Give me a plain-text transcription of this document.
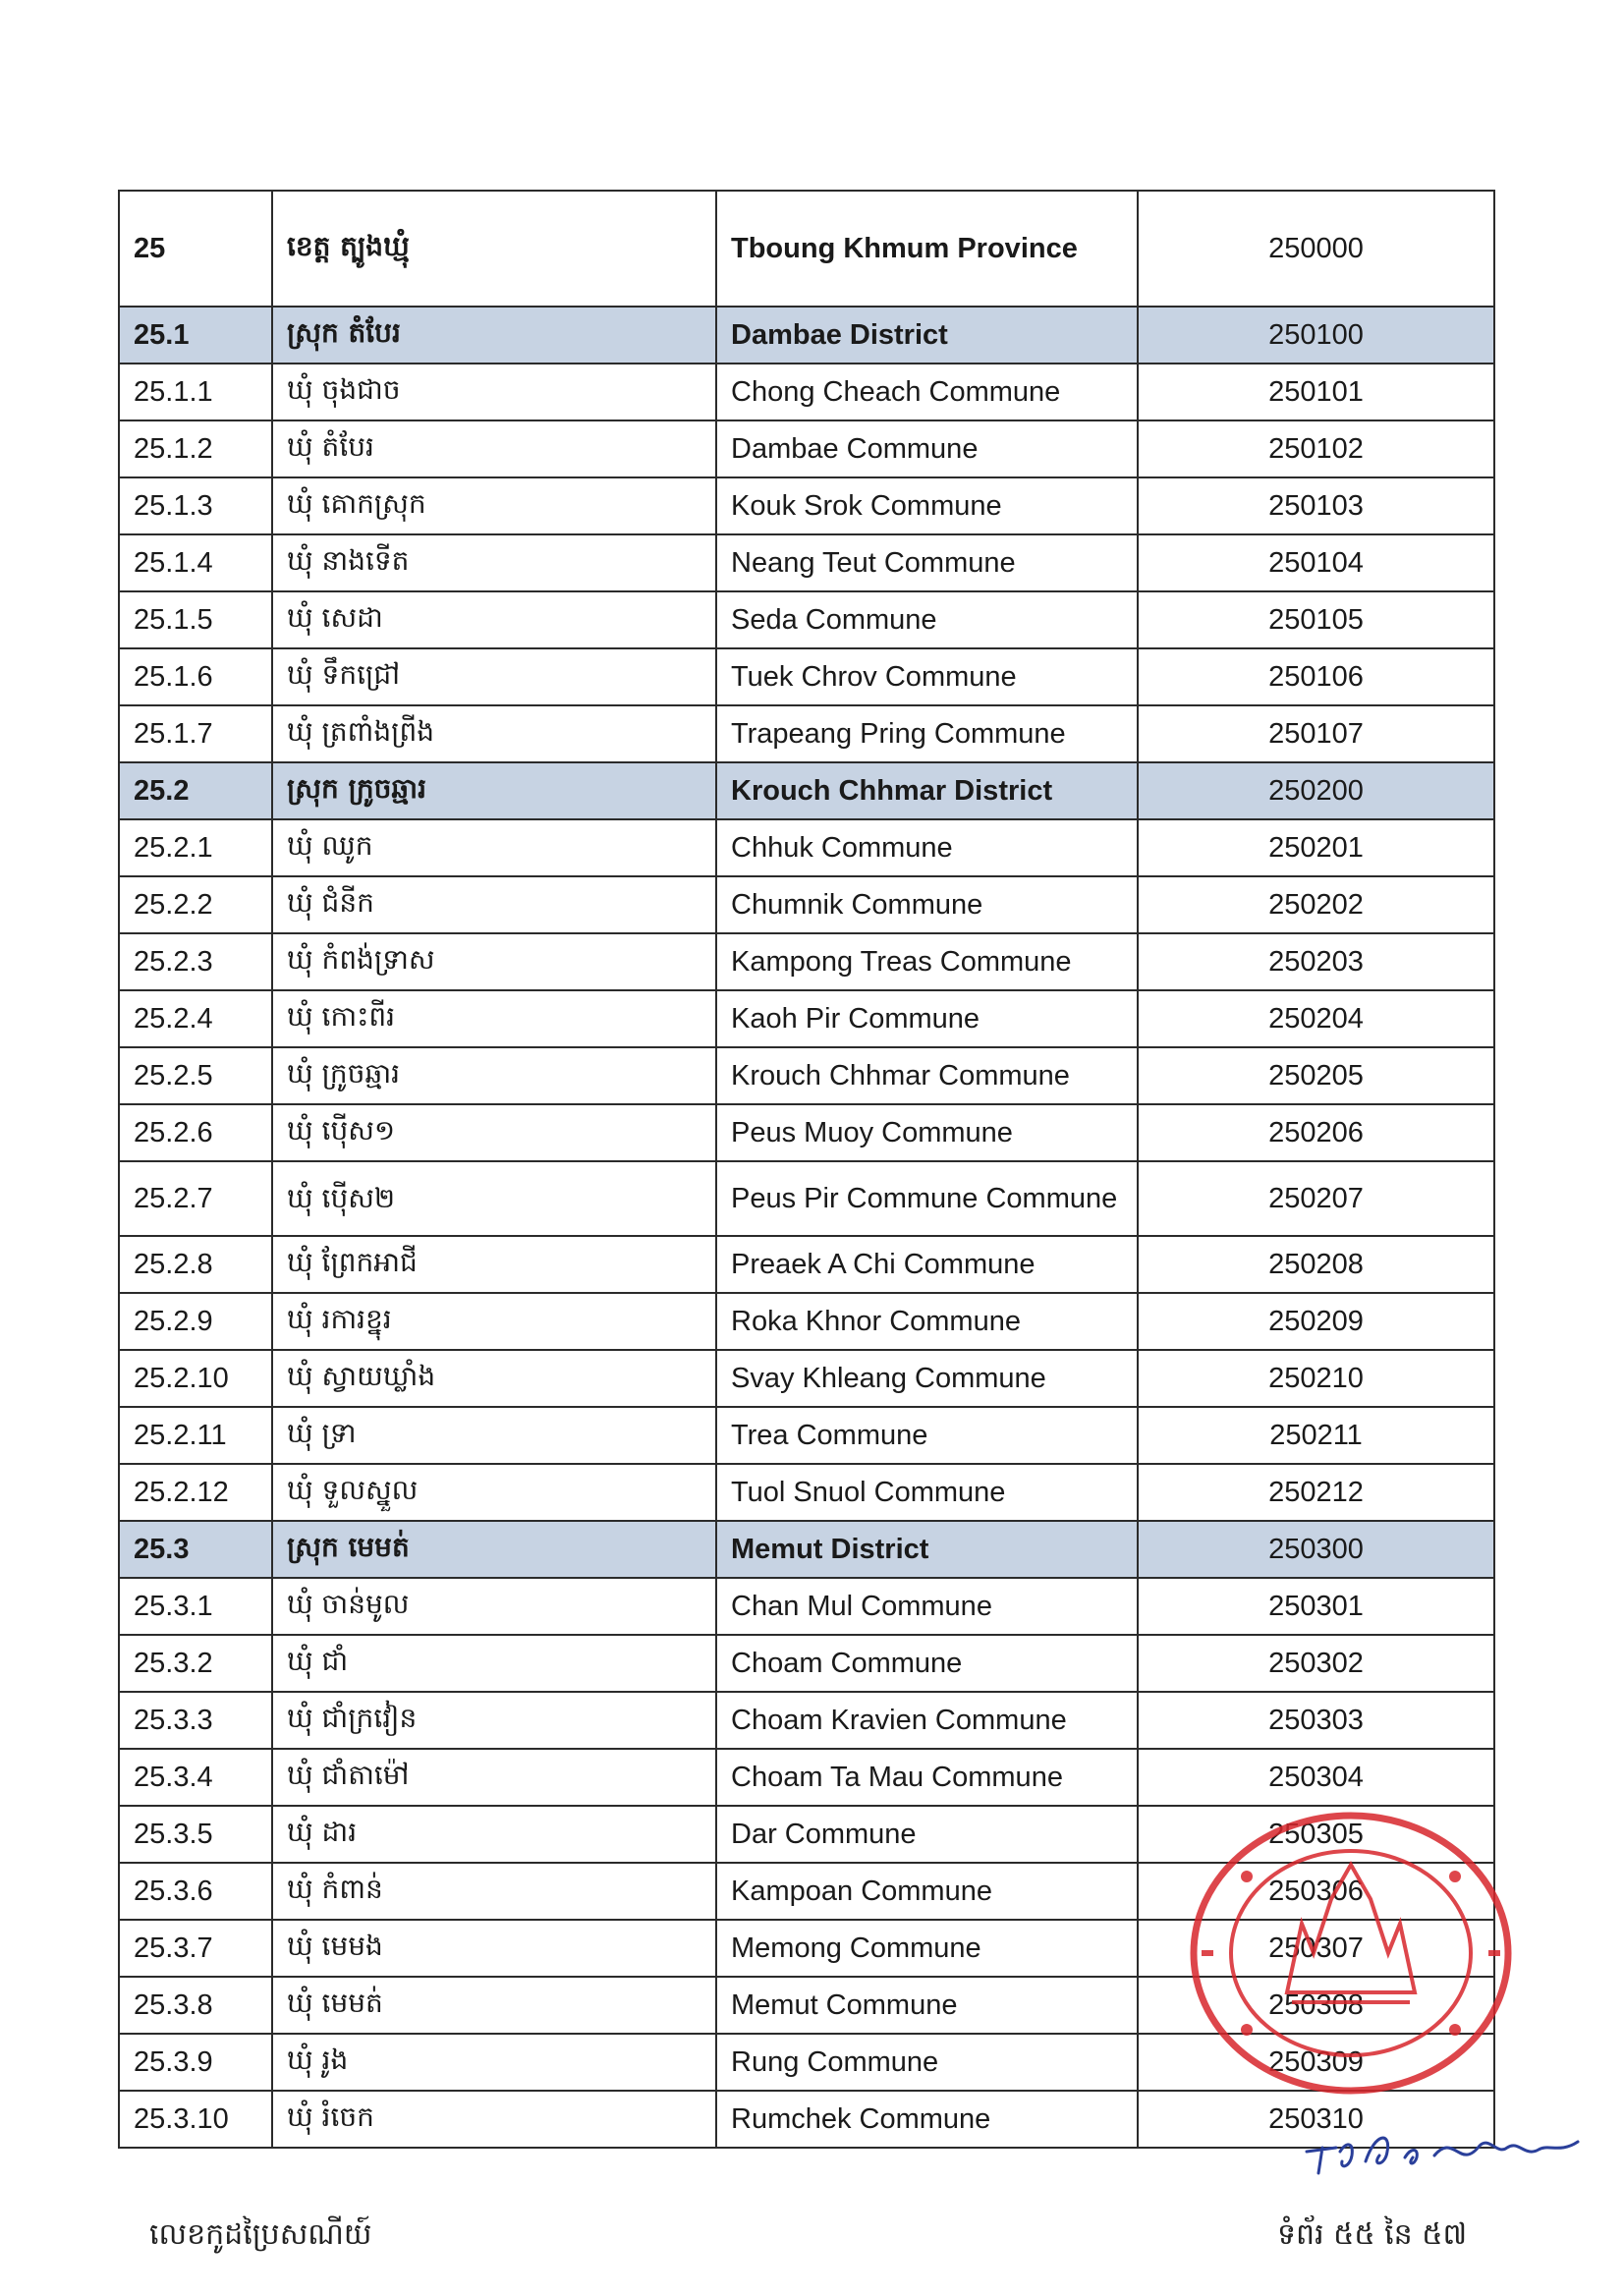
25	ខេត្ត ត្បូងឃ្មុំ	Tboung Khmum Province	250000
25.1	ស្រុក តំបែរ	Dambae District	250100
25.1.1	ឃុំ ចុងជាច	Chong Cheach Commune	250101
25.1.2	ឃុំ តំបែរ	Dambae Commune	250102
25.1.3	ឃុំ គោកស្រុក	Kouk Srok Commune	250103
25.1.4	ឃុំ នាងទើត	Neang Teut Commune	250104
25.1.5	ឃុំ សេដា	Seda Commune	250105
25.1.6	ឃុំ ទឹកជ្រៅ	Tuek Chrov Commune	250106
25.1.7	ឃុំ ត្រពាំងព្រីង	Trapeang Pring Commune	250107
25.2	ស្រុក ក្រូចឆ្មារ	Krouch Chhmar District	250200
25.2.1	ឃុំ ឈូក	Chhuk Commune	250201
25.2.2	ឃុំ ជំនីក	Chumnik Commune	250202
25.2.3	ឃុំ កំពង់ទ្រាស	Kampong Treas Commune	250203
25.2.4	ឃុំ កោះពីរ	Kaoh Pir Commune	250204
25.2.5	ឃុំ ក្រូចឆ្មារ	Krouch Chhmar Commune	250205
25.2.6	ឃុំ ប៉ើស១	Peus Muoy Commune	250206
25.2.7	ឃុំ ប៉ើស២	Peus Pir Commune Commune	250207
25.2.8	ឃុំ ព្រែកអាជី	Preaek A Chi Commune	250208
25.2.9	ឃុំ រការខ្នុរ	Roka Khnor Commune	250209
25.2.10	ឃុំ ស្វាយឃ្លាំង	Svay Khleang Commune	250210
25.2.11	ឃុំ ទ្រា	Trea Commune	250211
25.2.12	ឃុំ ទួលស្នួល	Tuol Snuol Commune	250212
25.3	ស្រុក មេមត់	Memut District	250300
25.3.1	ឃុំ ចាន់មូល	Chan Mul Commune	250301
25.3.2	ឃុំ ជាំ	Choam Commune	250302
25.3.3	ឃុំ ជាំក្រវៀន	Choam Kravien Commune	250303
25.3.4	ឃុំ ជាំតាម៉ៅ	Choam Ta Mau Commune	250304
25.3.5	ឃុំ ដារ	Dar Commune	250305
25.3.6	ឃុំ កំពាន់	Kampoan Commune	250306
25.3.7	ឃុំ មេមង	Memong Commune	250307
25.3.8	ឃុំ មេមត់	Memut Commune	250308
25.3.9	ឃុំ រូង	Rung Commune	250309
25.3.10	ឃុំ រំចេក	Rumchek Commune	250310
លេខកូដប្រៃសណីយ៍	ទំព័រ ៥៥ នៃ ៥៧
